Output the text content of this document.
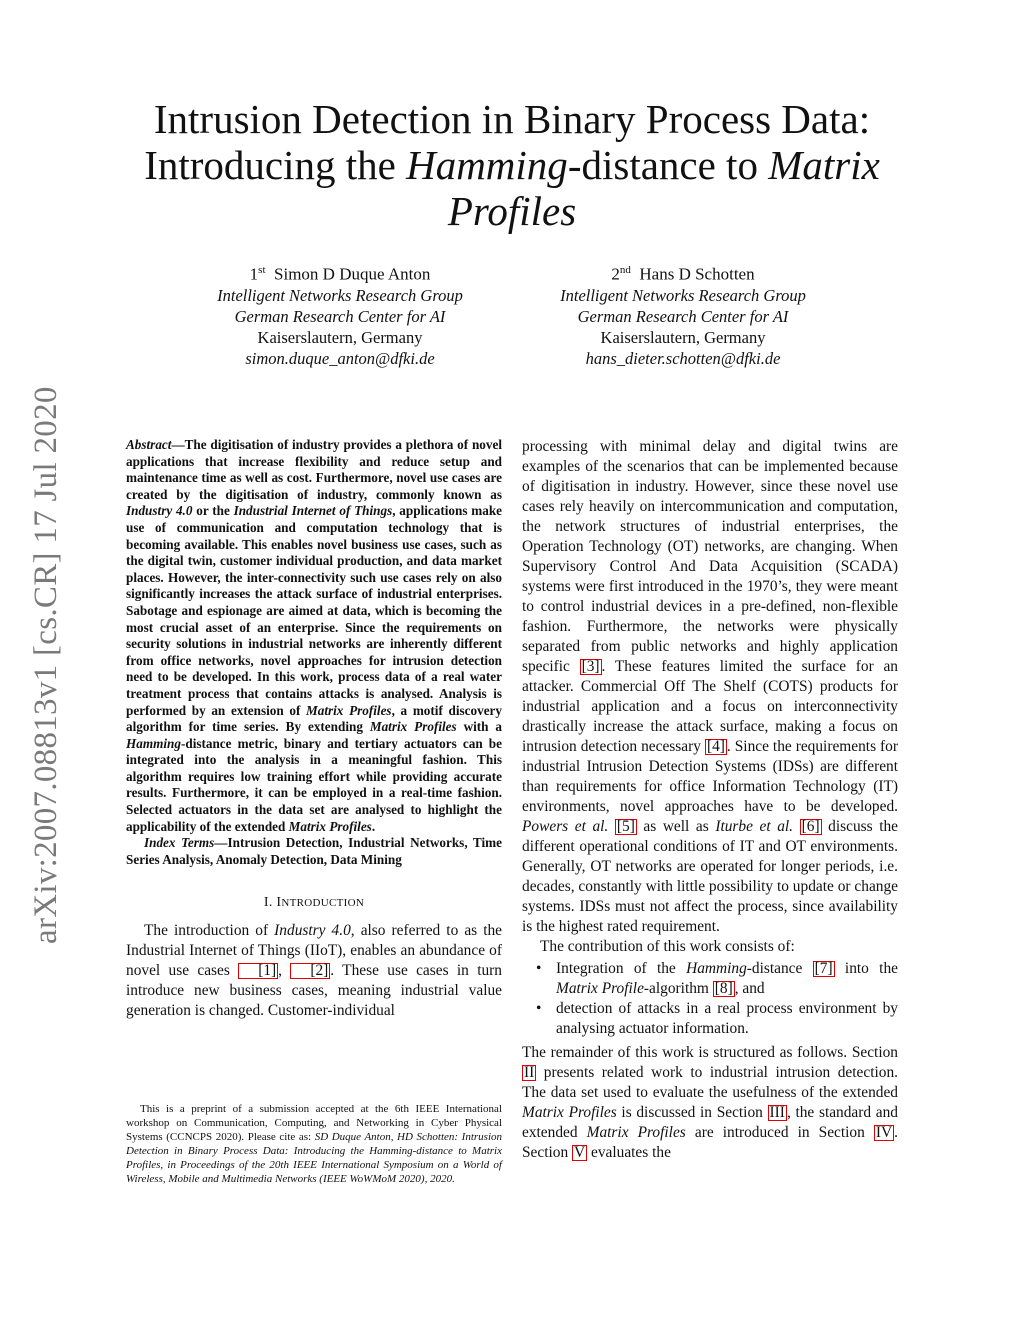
arXiv:2007.08813v1 [cs.CR] 17 Jul 2020
Intrusion Detection in Binary Process Data:
Introducing the Hamming-distance to Matrix
Profiles
1st Simon D Duque Anton
Intelligent Networks Research Group
German Research Center for AI
Kaiserslautern, Germany
simon.duque_anton@dfki.de
2nd Hans D Schotten
Intelligent Networks Research Group
German Research Center for AI
Kaiserslautern, Germany
hans_dieter.schotten@dfki.de

Abstract—The digitisation of industry provides a plethora of novel applications that increase flexibility and reduce setup and maintenance time as well as cost. Furthermore, novel use cases are created by the digitisation of industry, commonly known as Industry 4.0 or the Industrial Internet of Things, applications make use of communication and computation technology that is becoming available. This enables novel business use cases, such as the digital twin, customer individual production, and data market places. However, the inter-connectivity such use cases rely on also significantly increases the attack surface of industrial enterprises. Sabotage and espionage are aimed at data, which is becoming the most crucial asset of an enterprise. Since the requirements on security solutions in industrial networks are inherently different from office networks, novel approaches for intrusion detection need to be developed. In this work, process data of a real water treatment process that contains attacks is analysed. Analysis is performed by an extension of Matrix Profiles, a motif discovery algorithm for time series. By extending Matrix Profiles with a Hamming-distance metric, binary and tertiary actuators can be integrated into the analysis in a meaningful fashion. This algorithm requires low training effort while providing accurate results. Furthermore, it can be employed in a real-time fashion. Selected actuators in the data set are analysed to highlight the applicability of the extended Matrix Profiles.

Index Terms—Intrusion Detection, Industrial Networks, Time Series Analysis, Anomaly Detection, Data Mining

I. INTRODUCTION

The introduction of Industry 4.0, also referred to as the Industrial Internet of Things (IIoT), enables an abundance of novel use cases [1] , [2] . These use cases in turn introduce new business cases, meaning industrial value generation is changed. Customer-individual

This is a preprint of a submission accepted at the 6th IEEE International workshop on Communication, Computing, and Networking in Cyber Physical Systems (CCNCPS 2020). Please cite as: SD Duque Anton, HD Schotten: Intrusion Detection in Binary Process Data: Introducing the Hamming-distance to Matrix Profiles, in Proceedings of the 20th IEEE International Symposium on a World of Wireless, Mobile and Multimedia Networks (IEEE WoWMoM 2020), 2020.

processing with minimal delay and digital twins are examples of the scenarios that can be implemented because of digitisation in industry. However, since these novel use cases rely heavily on intercommunication and computation, the network structures of industrial enterprises, the Operation Technology (OT) networks, are changing. When Supervisory Control And Data Acquisition (SCADA) systems were first introduced in the 1970’s, they were meant to control industrial devices in a pre-defined, non-flexible fashion. Furthermore, the networks were physically separated from public networks and highly application specific [3] . These features limited the surface for an attacker. Commercial Off The Shelf (COTS) products for industrial application and a focus on interconnectivity drastically increase the attack surface, making a focus on intrusion detection necessary [4] . Since the requirements for industrial Intrusion Detection Systems (IDSs) are different than requirements for office Information Technology (IT) environments, novel approaches have to be developed. Powers et al. [5] as well as Iturbe et al. [6] discuss the different operational conditions of IT and OT environments. Generally, OT networks are operated for longer periods, i.e. decades, constantly with little possibility to update or change systems. IDSs must not affect the process, since availability is the highest rated requirement.

The contribution of this work consists of:

• Integration of the Hamming-distance [7] into the Matrix Profile-algorithm [8] , and
• detection of attacks in a real process environment by analysing actuator information.

The remainder of this work is structured as follows. Section II presents related work to industrial intrusion detection. The data set used to evaluate the usefulness of the extended Matrix Profiles is discussed in Section III , the standard and extended Matrix Profiles are introduced in Section IV . Section V evaluates the
